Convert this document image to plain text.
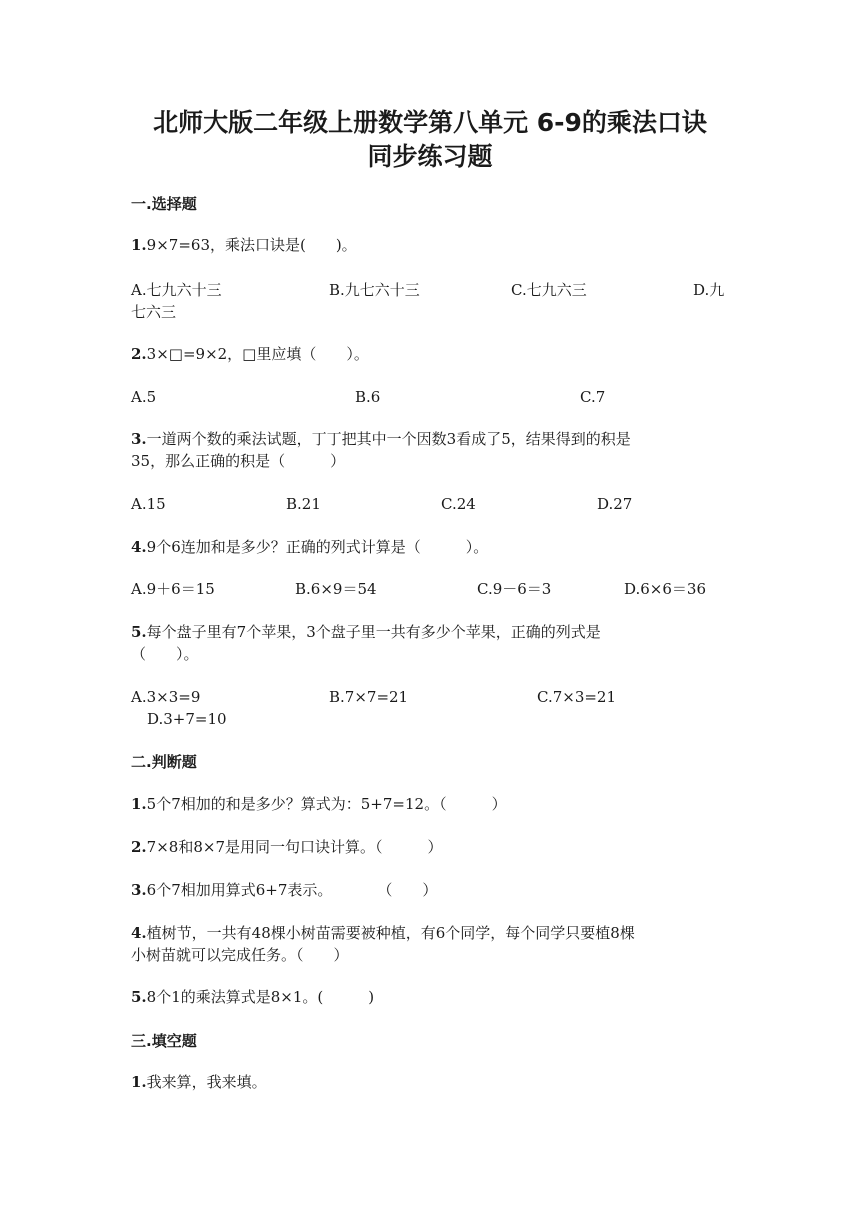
北师大版二年级上册数学第八单元 6-9的乘法口诀
同步练习题
一.选择题

1.9×7=63，乘法口诀是(　　)。

A.七九六十三	B.九七六十三	C.七九六三	D.九
七六三

2.3×□=9×2，□里应填（　　）。

A.5	B.6	C.7

3.一道两个数的乘法试题，丁丁把其中一个因数3看成了5，结果得到的积是

35，那么正确的积是（　　　）

A.15	B.21	C.24	D.27

4.9个6连加和是多少？正确的列式计算是（　　　）。

A.9＋6＝15	B.6×9＝54	C.9－6＝3	D.6×6＝36

5.每个盘子里有7个苹果，3个盘子里一共有多少个苹果，正确的列式是

（　　）。

A.3×3=9	B.7×7=21	C.7×3=21
D.3+7=10
二.判断题

1.5个7相加的和是多少？算式为：5+7=12。（　　　）

2.7×8和8×7是用同一句口诀计算。（　　　）

3.6个7相加用算式6+7表示。　　　　（　　）

4.植树节，一共有48棵小树苗需要被种植，有6个同学，每个同学只要植8棵

小树苗就可以完成任务。（　　）

5.8个1的乘法算式是8×1。(　　　)

三.填空题

1.我来算，我来填。
